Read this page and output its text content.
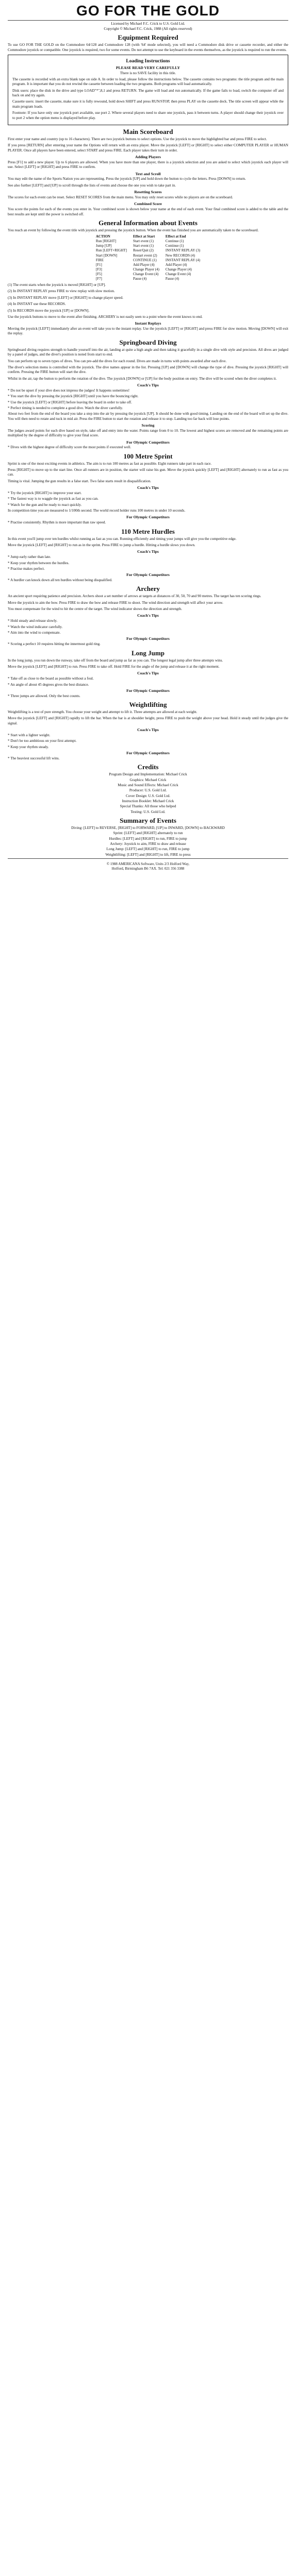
GO FOR THE GOLD
Licensed by Michael F.C. Crick to U.S. Gold Ltd.
Copyright © Michael F.C. Crick, 1988 (All rights reserved)
Equipment Required

To use GO FOR THE GOLD on the Commodore 64/128 and Commodore 128 (with '64' mode selected), you will need a Commodore disk drive or cassette recorder, and either the Commodore joystick or compatible. One joystick is required, two for some events. Do not attempt to use the keyboard in the events themselves, as the joystick is required to run the events.

Loading Instructions
PLEASE READ VERY CAREFULLY

There is no SAVE facility in this title.

The cassette is recorded with an extra blank tape on side A. In order to load, please follow the instructions below. The cassette contains two programs: the title program and the main program. It is important that you do not rewind the cassette between loading the two programs. Both programs will load automatically.

Disk users: place the disk in the drive and type LOAD"*",8,1 and press RETURN. The game will load and run automatically. If the game fails to load, switch the computer off and back on and try again.

Cassette users: insert the cassette, make sure it is fully rewound, hold down SHIFT and press RUN/STOP, then press PLAY on the cassette deck. The title screen will appear while the main program loads.

Footnote: If you have only one joystick port available, use port 2. Where several players need to share one joystick, pass it between turns. A player should change their joystick over to port 2 when the option menu is displayed before play.

Main Scoreboard

First enter your name and country (up to 16 characters). There are two joystick buttons to select options. Use the joystick to move the highlighted bar and press FIRE to select.

If you press [RETURN] after entering your name the Options will return with an extra player. Move the joystick [LEFT] or [RIGHT] to select either COMPUTER PLAYER or HUMAN PLAYER. Once all players have been entered, select START and press FIRE. Each player takes their turn in order.

Adding Players

Press [F1] to add a new player. Up to 6 players are allowed. When you have more than one player, there is a joystick selection and you are asked to select which joystick each player will use. Select [LEFT] or [RIGHT] and press FIRE to confirm.

Text and Scroll

You may edit the name of the Sports Nation you are representing. Press the joystick [UP] and hold down the button to cycle the letters. Press [DOWN] to return.

See also further [LEFT] and [UP] to scroll through the lists of events and choose the one you wish to take part in.

Resetting Scores

The scores for each event can be reset. Select RESET SCORES from the main menu. You may only reset scores while no players are on the scoreboard.

Combined Score

You score the points for each of the events you enter in. Your combined score is shown below your name at the end of each event. Your final combined score is added to the table and the best results are kept until the power is switched off.

General Information about Events

You reach an event by following the event title with joystick and pressing the joystick button. When the event has finished you are automatically taken to the scoreboard.

ACTION	Effect at Start	Effect at End
Run [RIGHT]	Start event (1)	Continue (1)
Jump [UP]	Start event (1)	Continue (1)
Run [LEFT+RIGHT]	Reset/Quit (2)	INSTANT REPLAY (3)
Start [DOWN]	Restart event (2)	New RECORDS (4)
FIRE	CONTINUE (1)	INSTANT REPLAY (4)
[F1]	Add Player (4)	Add Player (4)
[F3]	Change Player (4)	Change Player (4)
[F5]	Change Event (4)	Change Event (4)
[F7]	Pause (4)	Pause (4)

(1) The event starts when the joystick is moved [RIGHT] or [UP].

(2) In INSTANT REPLAY press FIRE to view replay with slow motion.

(3) In INSTANT REPLAY move [LEFT] or [RIGHT] to change player speed.

(4) In INSTANT use these RECORDS.

(5) In RECORDS move the joystick [UP] or [DOWN].

Use the joystick buttons to move to the event after finishing. ARCHERY is not easily seen to a point where the event knows to end.

Instant Replays

Moving the joystick [LEFT] immediately after an event will take you to the instant replay. Use the joystick [LEFT] or [RIGHT] and press FIRE for slow motion. Moving [DOWN] will exit the replay.

Springboard Diving

Springboard diving requires strength to handle yourself into the air, landing at quite a high angle and then taking it gracefully in a single dive with style and precision. All dives are judged by a panel of judges, and the diver's position is noted from start to end.

You can perform up to seven types of dives. You can pre-add the dives for each round. Dives are made in turns with points awarded after each dive.

The diver's selection menu is controlled with the joystick. The dive names appear in the list. Pressing [UP] and [DOWN] will change the type of dive. Pressing the joystick [RIGHT] will confirm. Pressing the FIRE button will start the dive.

Whilst in the air, tap the button to perform the rotation of the dive. The joystick [DOWN] or [UP] for the body position on entry. The dive will be scored when the diver completes it.

Coach's Tips

* Do not be upset if your dive does not impress the judges! It happens sometimes!

* You start the dive by pressing the joystick [RIGHT] until you have the bouncing right.

* Use the joystick [LEFT] or [RIGHT] before leaving the board in order to take off.

* Perfect timing is needed to complete a good dive. Watch the diver carefully.

About two feet from the end of the board you take a step into the air by pressing the joystick [UP]. It should be done with good timing. Landing on the end of the board will set up the dive. You will then need to rotate and tuck in mid air. Press the FIRE button to start the rotation and release it to stop. Landing too far back will lose points.

Scoring

The judges award points for each dive based on style, take off and entry into the water. Points range from 0 to 10. The lowest and highest scores are removed and the remaining points are multiplied by the degree of difficulty to give your final score.

For Olympic Competitors

* Dives with the highest degree of difficulty score the most points if executed well.

100 Metre Sprint

Sprint is one of the most exciting events in athletics. The aim is to run 100 metres as fast as possible. Eight runners take part in each race.

Press [RIGHT] to move up to the start line. Once all runners are in position, the starter will raise his gun. Move the joystick quickly [LEFT] and [RIGHT] alternately to run as fast as you can.

Timing is vital. Jumping the gun results in a false start. Two false starts result in disqualification.

Coach's Tips

* Try the joystick [RIGHT] to improve your start.

* The fastest way is to waggle the joystick as fast as you can.

* Watch for the gun and be ready to react quickly.

In competition time you are measured to 1/100th second. The world record holder runs 100 metres in under 10 seconds.

For Olympic Competitors

* Practise consistently. Rhythm is more important than raw speed.

110 Metre Hurdles

In this event you'll jump over ten hurdles whilst running as fast as you can. Running efficiently and timing your jumps will give you the competitive edge.

Move the joystick [LEFT] and [RIGHT] to run as in the sprint. Press FIRE to jump a hurdle. Hitting a hurdle slows you down.

Coach's Tips

* Jump early rather than late.

* Keep your rhythm between the hurdles.

* Practise makes perfect.

For Olympic Competitors

* A hurdler can knock down all ten hurdles without being disqualified.

Archery

An ancient sport requiring patience and precision. Archers shoot a set number of arrows at targets at distances of 30, 50, 70 and 90 metres. The target has ten scoring rings.

Move the joystick to aim the bow. Press FIRE to draw the bow and release FIRE to shoot. The wind direction and strength will affect your arrow.

You must compensate for the wind to hit the centre of the target. The wind indicator shows the direction and strength.

Coach's Tips

* Hold steady and release slowly.

* Watch the wind indicator carefully.

* Aim into the wind to compensate.

For Olympic Competitors

* Scoring a perfect 10 requires hitting the innermost gold ring.

Long Jump

In the long jump, you run down the runway, take off from the board and jump as far as you can. The longest legal jump after three attempts wins.

Move the joystick [LEFT] and [RIGHT] to run. Press FIRE to take off. Hold FIRE for the angle of the jump and release it at the right moment.

Coach's Tips

* Take off as close to the board as possible without a foul.

* An angle of about 45 degrees gives the best distance.

For Olympic Competitors

* Three jumps are allowed. Only the best counts.

Weightlifting

Weightlifting is a test of pure strength. You choose your weight and attempt to lift it. Three attempts are allowed at each weight.

Move the joystick [LEFT] and [RIGHT] rapidly to lift the bar. When the bar is at shoulder height, press FIRE to push the weight above your head. Hold it steady until the judges give the signal.

Coach's Tips

* Start with a lighter weight.

* Don't be too ambitious on your first attempt.

* Keep your rhythm steady.

For Olympic Competitors

* The heaviest successful lift wins.

Credits

Program Design and Implementation: Michael Crick

Graphics: Michael Crick

Music and Sound Effects: Michael Crick

Producer: U.S. Gold Ltd.

Cover Design: U.S. Gold Ltd.

Instruction Booklet: Michael Crick

Special Thanks: All those who helped

Testing: U.S. Gold Ltd.

Summary of Events

Diving: [LEFT] to REVERSE, [RIGHT] to FORWARD, [UP] to INWARD, [DOWN] to BACKWARD

Sprint: [LEFT] and [RIGHT] alternately to run

Hurdles: [LEFT] and [RIGHT] to run, FIRE to jump

Archery: Joystick to aim, FIRE to draw and release

Long Jump: [LEFT] and [RIGHT] to run, FIRE to jump

Weightlifting: [LEFT] and [RIGHT] to lift, FIRE to press

© 1988 AMERICANA Software, Units 2/3 Holford Way,
Holford, Birmingham B6 7AX. Tel: 021 356 3388
